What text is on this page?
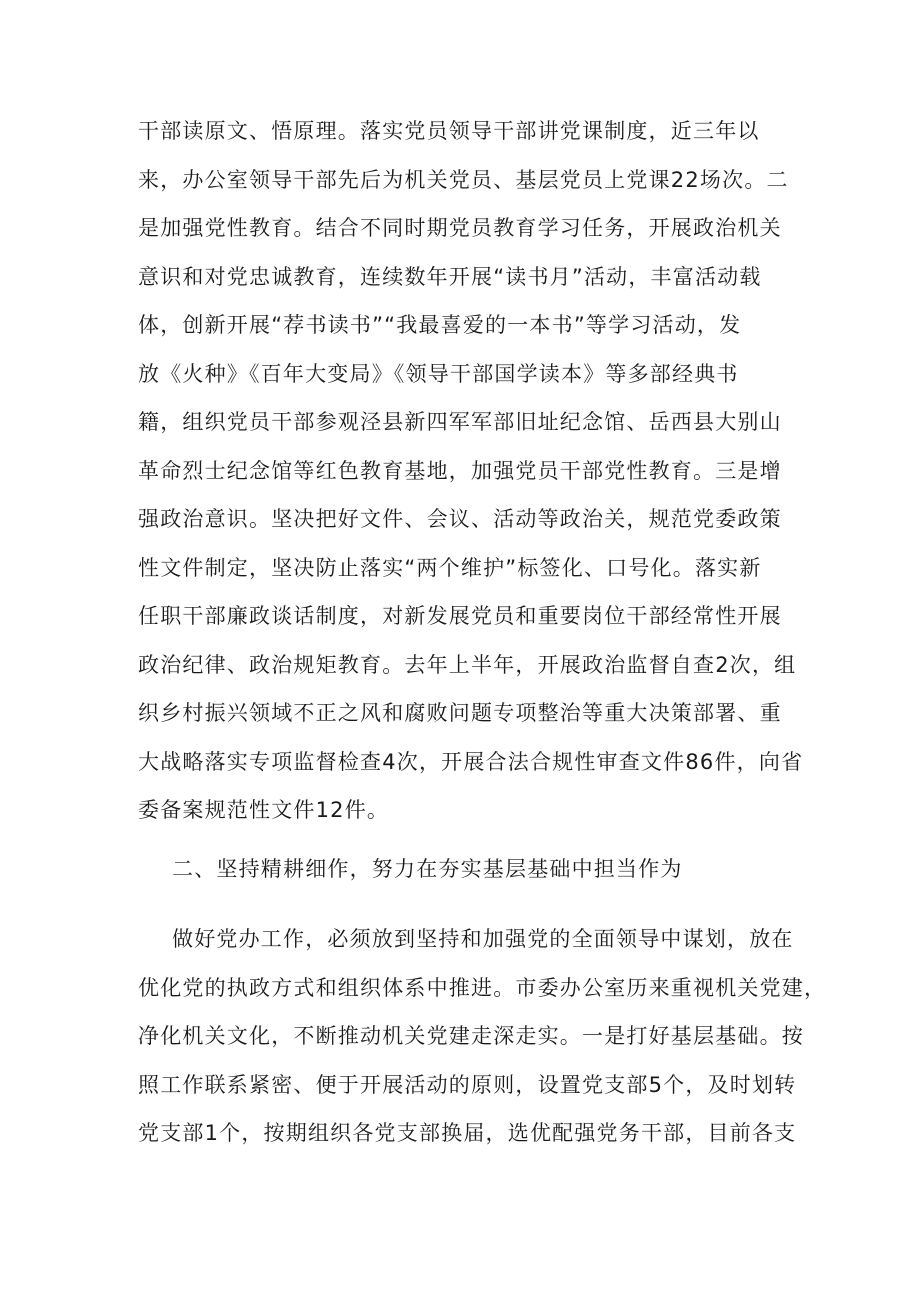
干部读原文、悟原理。落实党员领导干部讲党课制度，近三年以
来，办公室领导干部先后为机关党员、基层党员上党课22场次。二
是加强党性教育。结合不同时期党员教育学习任务，开展政治机关
意识和对党忠诚教育，连续数年开展“读书月”活动，丰富活动载
体，创新开展“荐书读书”“我最喜爱的一本书”等学习活动，发
放《火种》《百年大变局》《领导干部国学读本》等多部经典书
籍，组织党员干部参观泾县新四军军部旧址纪念馆、岳西县大别山
革命烈士纪念馆等红色教育基地，加强党员干部党性教育。三是增
强政治意识。坚决把好文件、会议、活动等政治关，规范党委政策
性文件制定，坚决防止落实“两个维护”标签化、口号化。落实新
任职干部廉政谈话制度，对新发展党员和重要岗位干部经常性开展
政治纪律、政治规矩教育。去年上半年，开展政治监督自查2次，组
织乡村振兴领域不正之风和腐败问题专项整治等重大决策部署、重
大战略落实专项监督检查4次，开展合法合规性审查文件86件，向省
委备案规范性文件12件。
二、坚持精耕细作，努力在夯实基层基础中担当作为
做好党办工作，必须放到坚持和加强党的全面领导中谋划，放在
优化党的执政方式和组织体系中推进。市委办公室历来重视机关党建，
净化机关文化，不断推动机关党建走深走实。一是打好基层基础。按
照工作联系紧密、便于开展活动的原则，设置党支部5个，及时划转
党支部1个，按期组织各党支部换届，选优配强党务干部，目前各支
